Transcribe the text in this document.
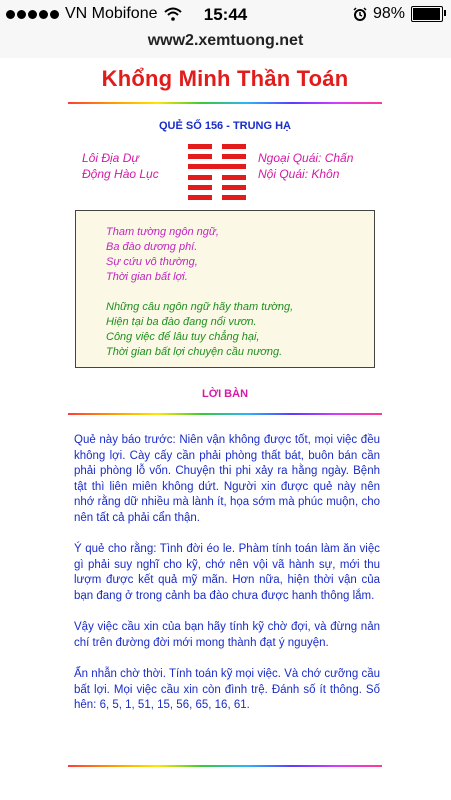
VN Mobifone	15:44	98%
www2.xemtuong.net
Khổng Minh Thần Toán
QUẺ SỐ 156 - TRUNG HẠ
Lôi Địa Dự
Động Hào Lục
Ngoại Quái: Chấn
Nội Quái: Khôn
Tham tường ngôn ngữ,
Ba đào dương phí.
Sự cứu vô thường,
Thời gian bất lợi.
Những câu ngôn ngữ hãy tham tường,
Hiện tại ba đào đang nổi vươn.
Công việc để lâu tuy chẳng hại,
Thời gian bất lợi chuyện cầu nương.
LỜI BÀN
Quẻ này báo trước: Niên vận không được tốt, mọi việc đều không lợi. Cày cấy cần phải phòng thất bát, buôn bán cần phải phòng lỗ vốn. Chuyện thi phi xảy ra hằng ngày. Bệnh tật thì liên miên không dứt. Người xin được quẻ này nên nhớ rằng dữ nhiều mà lành ít, họa sớm mà phúc muộn, cho nên tất cả phải cẩn thận.
Ý quẻ cho rằng: Tình đời éo le. Phàm tính toán làm ăn việc gì phải suy nghĩ cho kỹ, chớ nên vội vã hành sự, mới thu lượm được kết quả mỹ mãn. Hơn nữa, hiện thời vận của bạn đang ở trong cảnh ba đào chưa được hanh thông lắm.
Vậy việc cầu xin của bạn hãy tính kỹ chờ đợi, và đừng nản chí trên đường đời mới mong thành đạt ý nguyện.
Ẩn nhẫn chờ thời. Tính toán kỹ mọi việc. Và chớ cưỡng cầu bất lợi. Mọi việc cầu xin còn đình trệ. Đánh số ít thông. Số hên: 6, 5, 1, 51, 15, 56, 65, 16, 61.
